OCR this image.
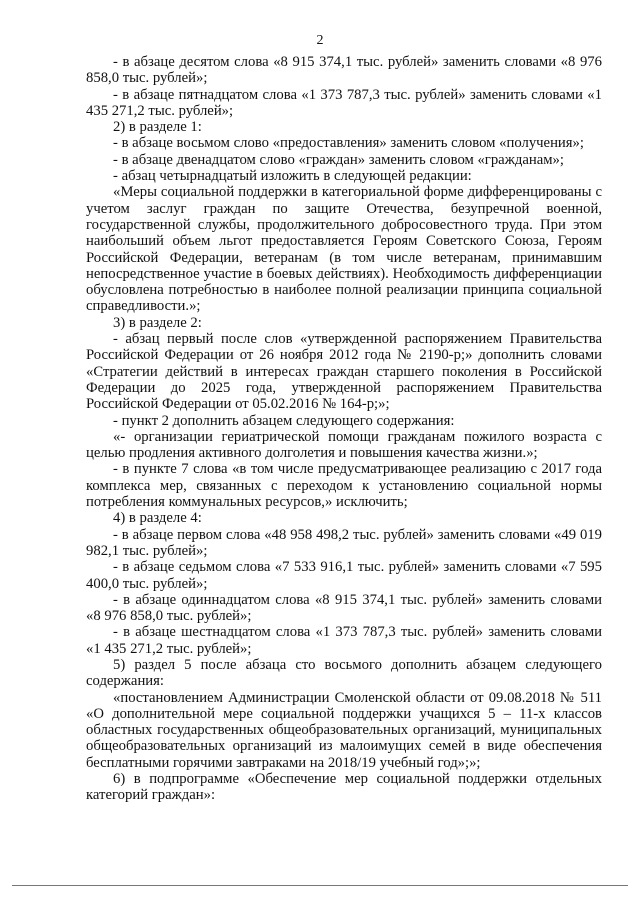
2

- в абзаце десятом слова «8 915 374,1 тыс. рублей» заменить словами «8 976 858,0 тыс. рублей»;

- в абзаце пятнадцатом слова «1 373 787,3 тыс. рублей» заменить словами «1 435 271,2 тыс. рублей»;

2) в разделе 1:

- в абзаце восьмом слово «предоставления» заменить словом «получения»;

- в абзаце двенадцатом слово «граждан» заменить словом «гражданам»;

- абзац четырнадцатый изложить в следующей редакции:

«Меры социальной поддержки в категориальной форме дифференцированы с учетом заслуг граждан по защите Отечества, безупречной военной, государственной службы, продолжительного добросовестного труда. При этом наибольший объем льгот предоставляется Героям Советского Союза, Героям Российской Федерации, ветеранам (в том числе ветеранам, принимавшим непосредственное участие в боевых действиях). Необходимость дифференциации обусловлена потребностью в наиболее полной реализации принципа социальной справедливости.»;

3) в разделе 2:

- абзац первый после слов «утвержденной распоряжением Правительства Российской Федерации от 26 ноября 2012 года № 2190-р;» дополнить словами «Стратегии действий в интересах граждан старшего поколения в Российской Федерации до 2025 года, утвержденной распоряжением Правительства Российской Федерации от 05.02.2016 № 164-р;»;

- пункт 2 дополнить абзацем следующего содержания:

«- организации гериатрической помощи гражданам пожилого возраста с целью продления активного долголетия и повышения качества жизни.»;

- в пункте 7 слова «в том числе предусматривающее реализацию с 2017 года комплекса мер, связанных с переходом к установлению социальной нормы потребления коммунальных ресурсов,» исключить;

4) в разделе 4:

- в абзаце первом слова «48 958 498,2 тыс. рублей» заменить словами «49 019 982,1 тыс. рублей»;

- в абзаце седьмом слова «7 533 916,1 тыс. рублей» заменить словами «7 595 400,0 тыс. рублей»;

- в абзаце одиннадцатом слова «8 915 374,1 тыс. рублей» заменить словами «8 976 858,0 тыс. рублей»;

- в абзаце шестнадцатом слова «1 373 787,3 тыс. рублей» заменить словами «1 435 271,2 тыс. рублей»;

5) раздел 5 после абзаца сто восьмого дополнить абзацем следующего содержания:

«постановлением Администрации Смоленской области от 09.08.2018 № 511 «О дополнительной мере социальной поддержки учащихся 5 – 11-х классов областных государственных общеобразовательных организаций, муниципальных общеобразовательных организаций из малоимущих семей в виде обеспечения бесплатными горячими завтраками на 2018/19 учебный год»;»;

6) в подпрограмме «Обеспечение мер социальной поддержки отдельных категорий граждан»:
